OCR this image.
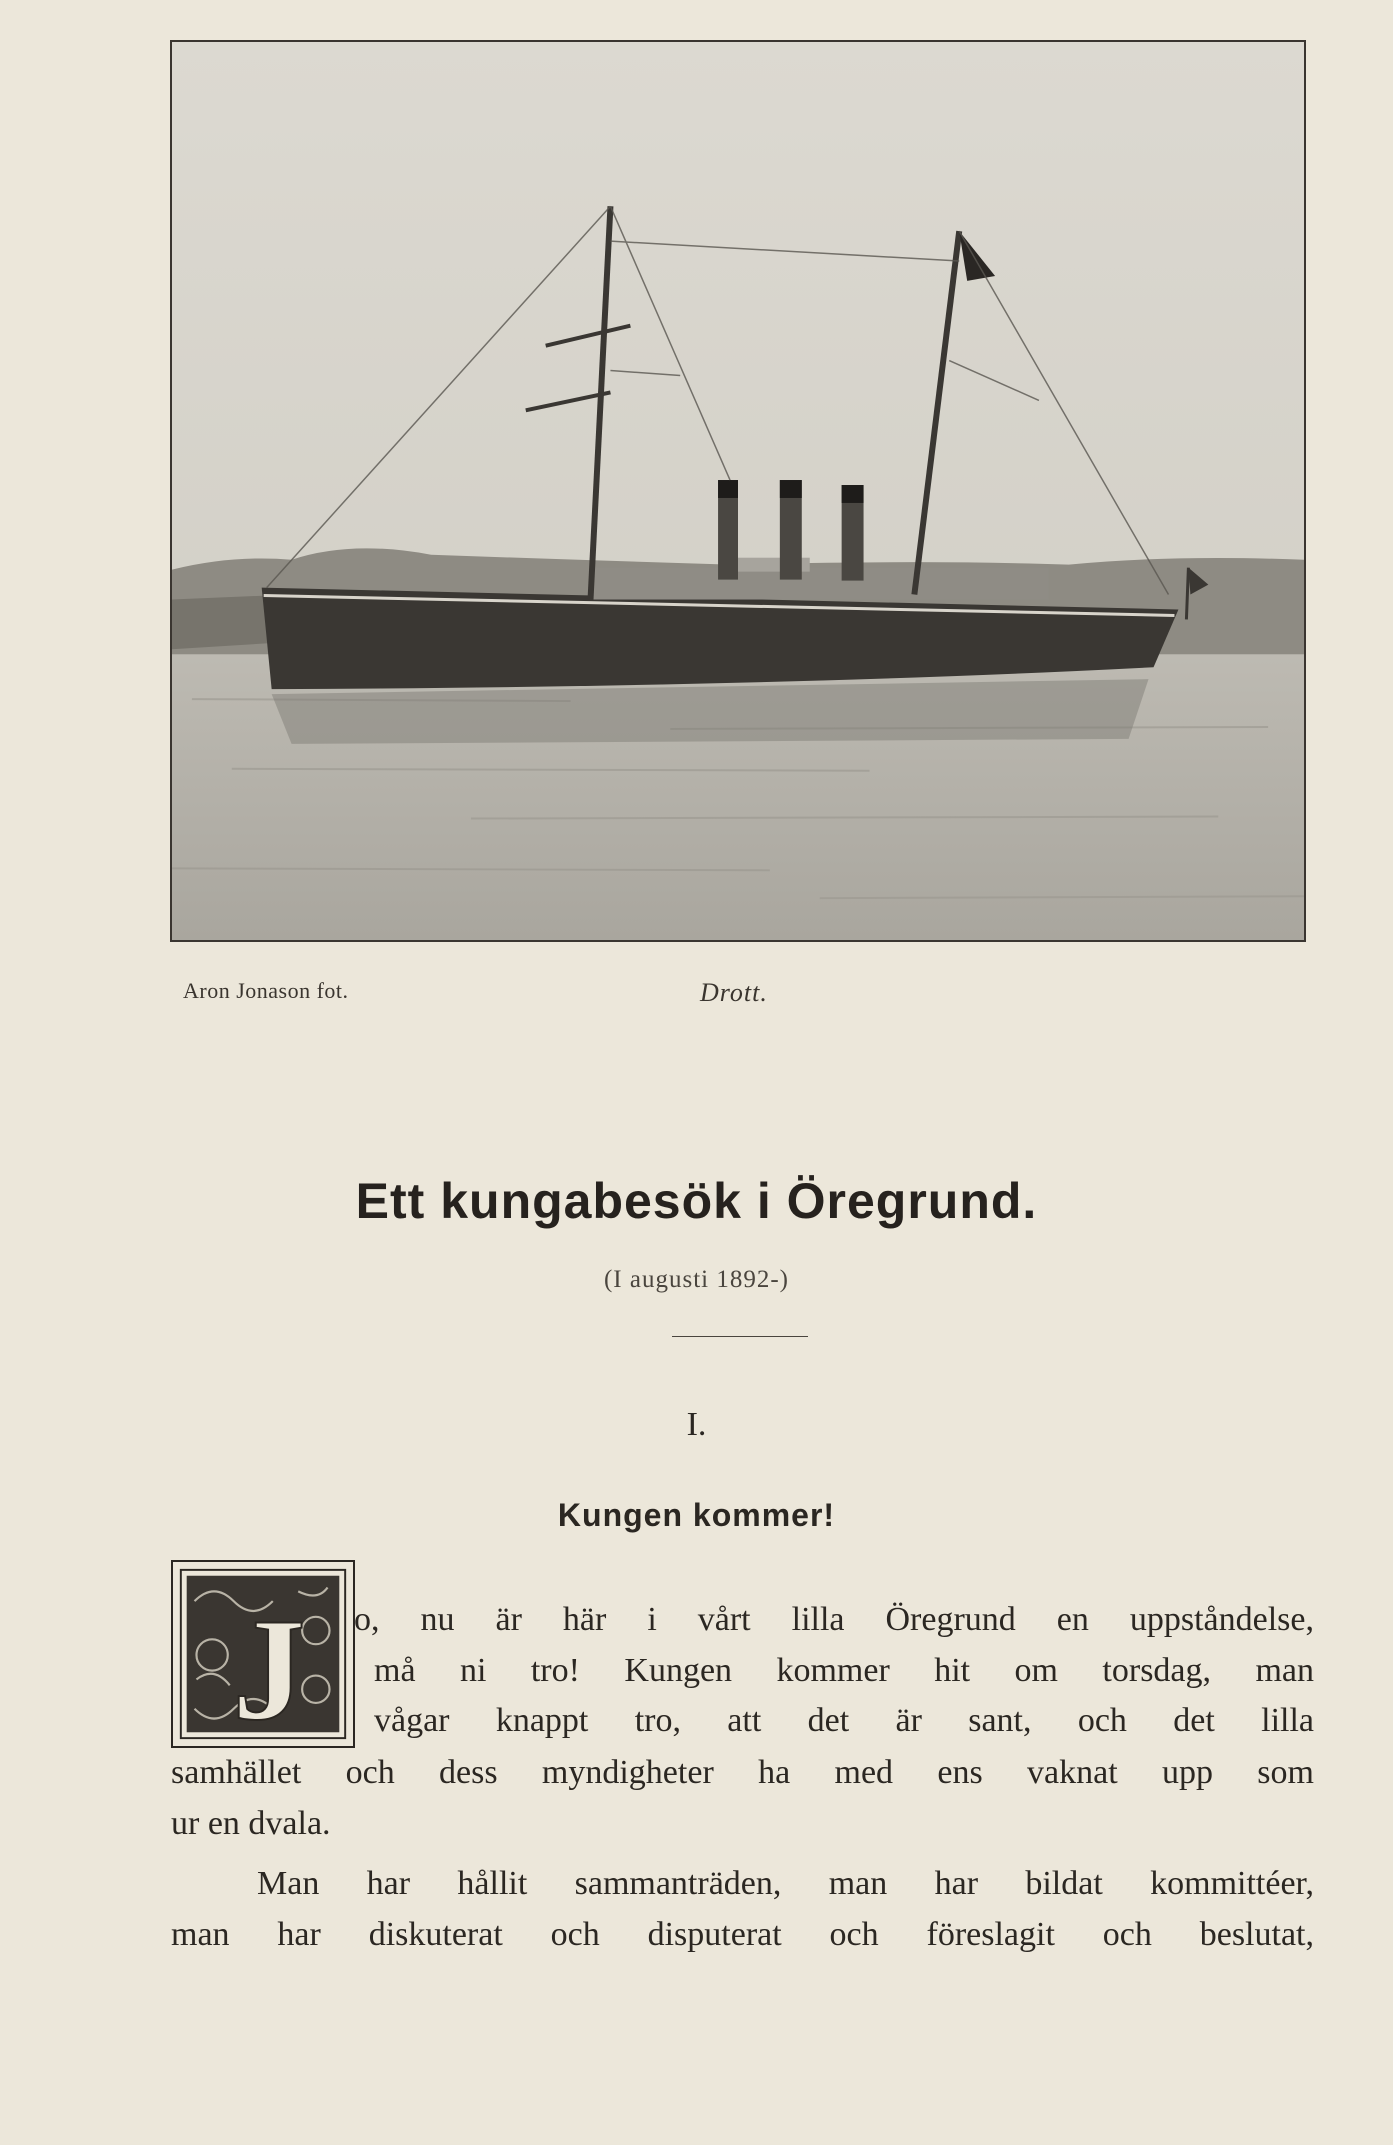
Aron Jonason fot.	Drott.
Ett kungabesök i Öregrund.
(I augusti 1892-)
I.
Kungen kommer!
J o, nu är här i vårt lilla Öregrund en uppståndelse,
må ni tro! Kungen kommer hit om torsdag, man
vågar knappt tro, att det är sant, och det lilla
samhället och dess myndigheter ha med ens vaknat upp som
ur en dvala.
Man har hållit sammanträden, man har bildat kommittéer,
man har diskuterat och disputerat och föreslagit och beslutat,
